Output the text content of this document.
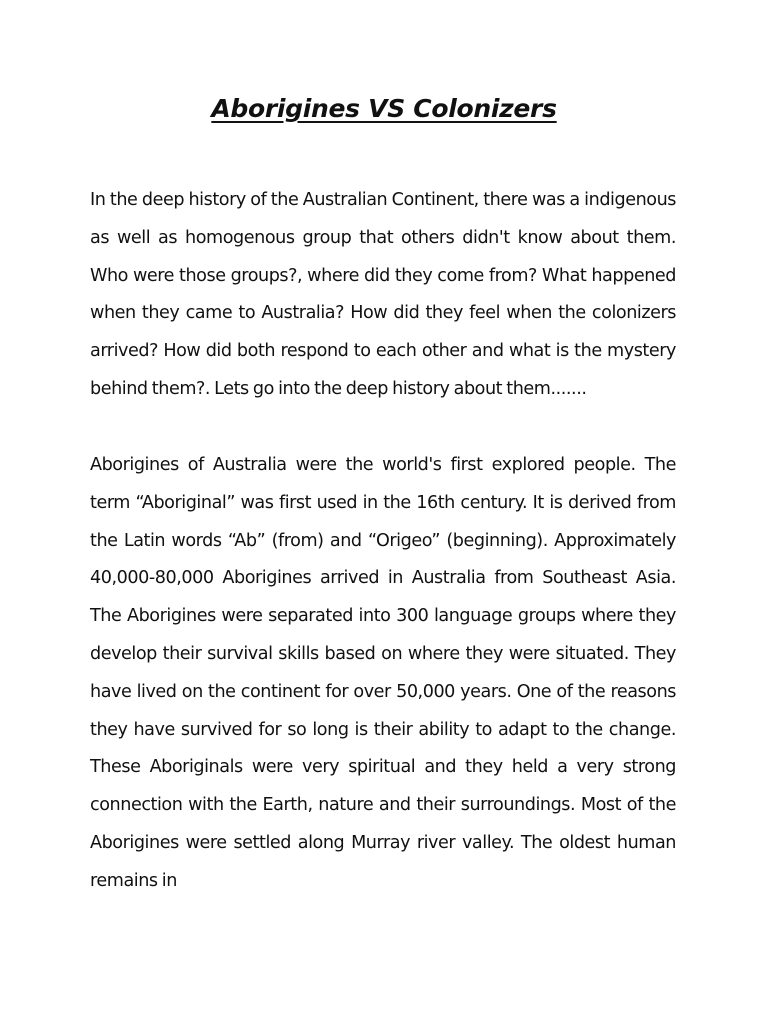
Aborigines VS Colonizers

In the deep history of the Australian Continent, there was a indigenous as well as homogenous group that others didn't know about them. Who were those groups?, where did they come from? What happened when they came to Australia? How did they feel when the colonizers arrived? How did both respond to each other and what is the mystery behind them?. Lets go into the deep history about them.......

Aborigines of Australia were the world's first explored people. The term “Aboriginal” was first used in the 16th century. It is derived from the Latin words “Ab” (from) and “Origeo” (beginning). Approximately 40,000-80,000 Aborigines arrived in Australia from Southeast Asia. The Aborigines were separated into 300 language groups where they develop their survival skills based on where they were situated. They have lived on the continent for over 50,000 years. One of the reasons they have survived for so long is their ability to adapt to the change. These Aboriginals were very spiritual and they held a very strong connection with the Earth, nature and their surroundings. Most of the Aborigines were settled along Murray river valley. The oldest human remains in
